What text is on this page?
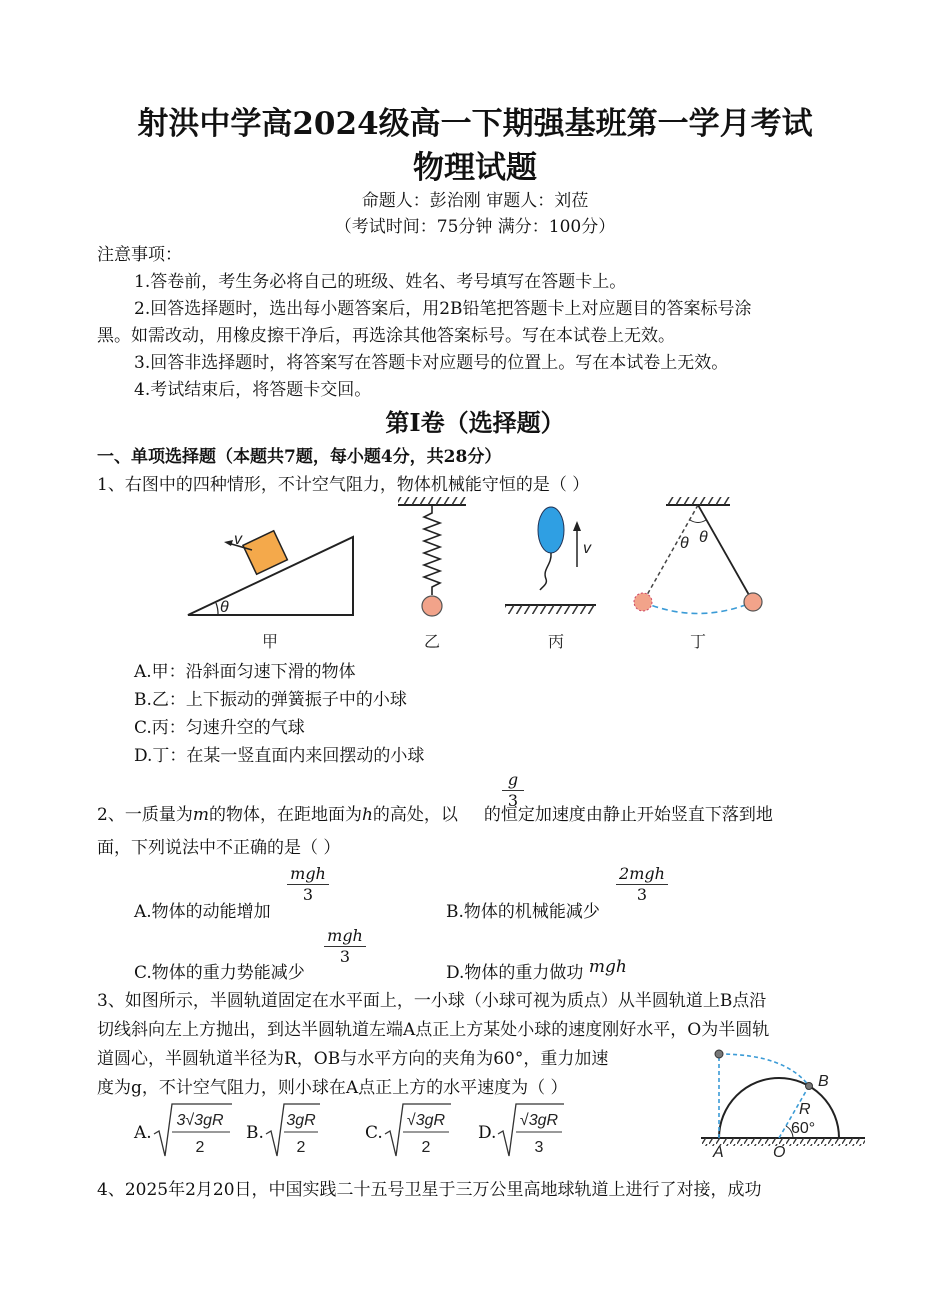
射洪中学高2024级高一下期强基班第一学月考试
物理试题
命题人：彭治刚 审题人：刘莅
（考试时间：75分钟 满分：100分）
注意事项：
1.答卷前，考生务必将自己的班级、姓名、考号填写在答题卡上。
2.回答选择题时，选出每小题答案后，用2B铅笔把答题卡上对应题目的答案标号涂
黑。如需改动，用橡皮擦干净后，再选涂其他答案标号。写在本试卷上无效。
3.回答非选择题时，将答案写在答题卡对应题号的位置上。写在本试卷上无效。
4.考试结束后，将答题卡交回。
第Ⅰ卷（选择题）
一、单项选择题（本题共7题，每小题4分，共28分）
1、右图中的四种情形，不计空气阻力，物体机械能守恒的是（ ）
v
θ
v	θ θ
甲	乙	丙	丁
A.甲：沿斜面匀速下滑的物体
B.乙：上下振动的弹簧振子中的小球
C.丙：匀速升空的气球
D.丁：在某一竖直面内来回摆动的小球
$\frac{g}{3}$
2、一质量为m的物体，在距地面为h的高处，以 的恒定加速度由静止开始竖直下落到地
面，下列说法中不正确的是（ ）
A.物体的动能增加
mgh
3
B.物体的机械能减少
2mgh
3
C.物体的重力势能减少
mgh
3
D.物体的重力做功 mgh
3、如图所示，半圆轨道固定在水平面上，一小球（小球可视为质点）从半圆轨道上B点沿
切线斜向左上方抛出，到达半圆轨道左端A点正上方某处小球的速度刚好水平，O为半圆轨
道圆心，半圆轨道半径为R，OB与水平方向的夹角为60°，重力加速
度为g，不计空气阻力，则小球在A点正上方的水平速度为（ ）	B
R
60°
A	O
A.
3√3gR
2
B.
3gR
2
C.
√3gR
2
D.
√3gR
3
4、2025年2月20日，中国实践二十五号卫星于三万公里高地球轨道上进行了对接，成功
